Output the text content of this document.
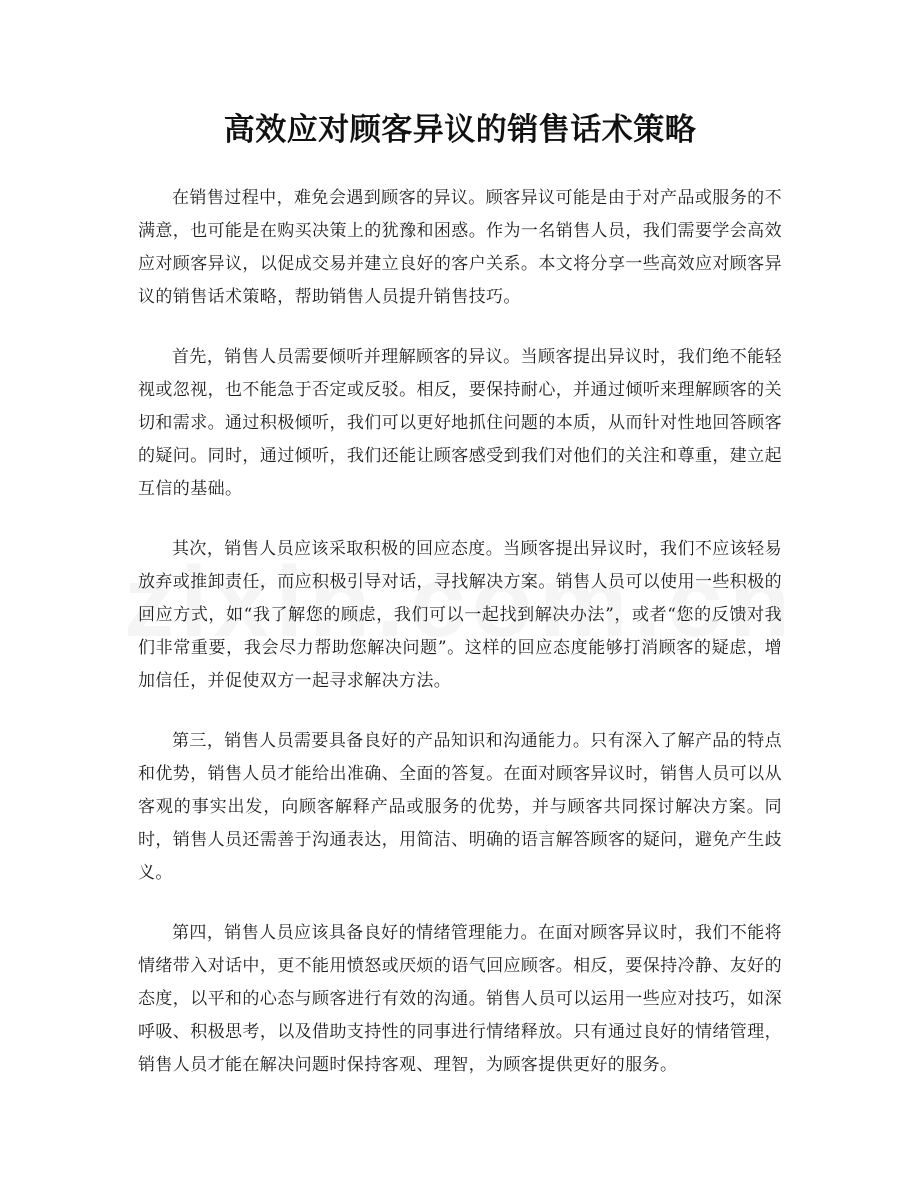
高效应对顾客异议的销售话术策略

在销售过程中，难免会遇到顾客的异议。顾客异议可能是由于对产品或服务的不满意，也可能是在购买决策上的犹豫和困惑。作为一名销售人员，我们需要学会高效应对顾客异议，以促成交易并建立良好的客户关系。本文将分享一些高效应对顾客异议的销售话术策略，帮助销售人员提升销售技巧。

首先，销售人员需要倾听并理解顾客的异议。当顾客提出异议时，我们绝不能轻视或忽视，也不能急于否定或反驳。相反，要保持耐心，并通过倾听来理解顾客的关切和需求。通过积极倾听，我们可以更好地抓住问题的本质，从而针对性地回答顾客的疑问。同时，通过倾听，我们还能让顾客感受到我们对他们的关注和尊重，建立起互信的基础。

其次，销售人员应该采取积极的回应态度。当顾客提出异议时，我们不应该轻易放弃或推卸责任，而应积极引导对话，寻找解决方案。销售人员可以使用一些积极的回应方式，如“我了解您的顾虑，我们可以一起找到解决办法”，或者“您的反馈对我们非常重要，我会尽力帮助您解决问题”。这样的回应态度能够打消顾客的疑虑，增加信任，并促使双方一起寻求解决方法。

第三，销售人员需要具备良好的产品知识和沟通能力。只有深入了解产品的特点和优势，销售人员才能给出准确、全面的答复。在面对顾客异议时，销售人员可以从客观的事实出发，向顾客解释产品或服务的优势，并与顾客共同探讨解决方案。同时，销售人员还需善于沟通表达，用简洁、明确的语言解答顾客的疑问，避免产生歧义。

第四，销售人员应该具备良好的情绪管理能力。在面对顾客异议时，我们不能将情绪带入对话中，更不能用愤怒或厌烦的语气回应顾客。相反，要保持冷静、友好的态度，以平和的心态与顾客进行有效的沟通。销售人员可以运用一些应对技巧，如深呼吸、积极思考，以及借助支持性的同事进行情绪释放。只有通过良好的情绪管理，销售人员才能在解决问题时保持客观、理智，为顾客提供更好的服务。
